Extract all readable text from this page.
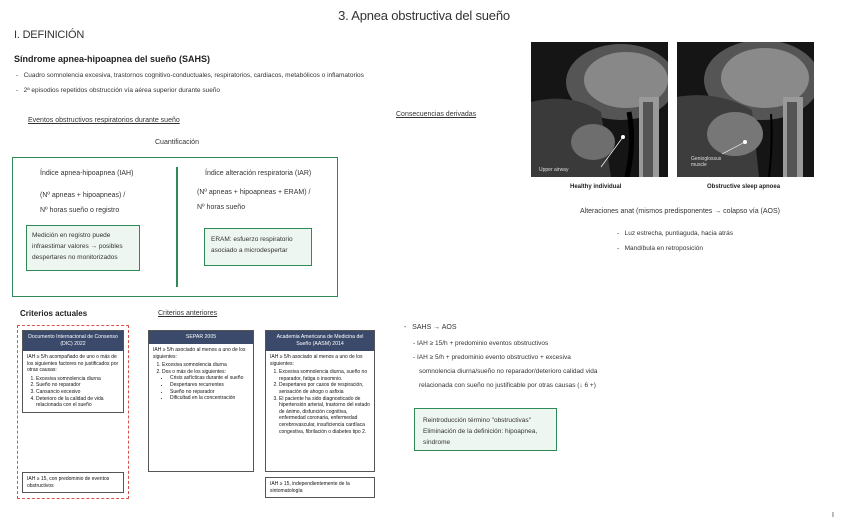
3. Apnea obstructiva del sueño
I. DEFINICIÓN
Síndrome apnea-hipoapnea del sueño (SAHS)
-   Cuadro somnolencia excesiva, trastornos cognitivo-conductuales, respiratorios, cardiacos, metabólicos o inflamatorios
-   2ª episodios repetidos obstrucción vía aérea superior durante sueño
Eventos obstructivos respiratorios durante sueño
Consecuencias derivadas
Cuantificación
Índice apnea-hipoapnea (IAH)
(Nº apneas + hipoapneas) /
Nº horas sueño o registro
Medición en registro puede infraestimar valores → posibles despertares no monitorizados
Índice alteración respiratoria (IAR)
(Nº apneas + hipoapneas + ERAM) /
Nº horas sueño
ERAM: esfuerzo respiratorio asociado a microdespertar
Upper airway
Genioglossus muscle
Healthy individual	Obstructive sleep apnoea
Alteraciones anat (mismos predisponentes → colapso vía (AOS)
-   Luz estrecha, puntiaguda, hacia atrás
-   Mandíbula en retroposición
Criterios actuales	Criterios anteriores
Documento Internacional de Consenso (DIC) 2022
IAH ≥ 5/h acompañado de uno o más de los siguientes factores no justificados por otras causas:
1. Excesiva somnolencia diurna
2. Sueño no reparador
3. Cansancio excesivo
4. Deterioro de la calidad de vida relacionada con el sueño
IAH ≥ 15, con predominio de eventos obstructivos
SEPAR 2005
IAH ≥ 5/h asociado al menos a uno de los siguientes:
1. Excesiva somnolencia diurna
2. Dos o más de los siguientes:
• Crisis asfícticas durante el sueño
• Despertares recurrentes
• Sueño no reparador
• Dificultad en la concentración
Academia Americana de Medicina del Sueño (AASM) 2014
IAH ≥ 5/h asociado al menos a uno de los siguientes:
1. Excesiva somnolencia diurna, sueño no reparador, fatiga o insomnio.
2. Despertares por casos de respiración, sensación de ahogo o asfixia
3. El paciente ha sido diagnosticado de hipertensión arterial, trastorno del estado de ánimo, disfunción cognitiva, enfermedad coronaria, enfermedad cerebrovascular, insuficiencia cardíaca congestiva, fibrilación o diabetes tipo 2.
IAH ≥ 15, independientemente de la sintomatología
-   SAHS → AOS
- IAH ≥ 15/h + predominio eventos obstructivos
- IAH ≥ 5/h + predominio evento obstructivo + excesiva
somnolencia diurna/sueño no reparador/deterioro calidad vida
relacionada con sueño no justificable por otras causas (↓ 6 +)
Reintroducción término "obstructivas"
Eliminación de la definición: hipoapnea, síndrome
I
